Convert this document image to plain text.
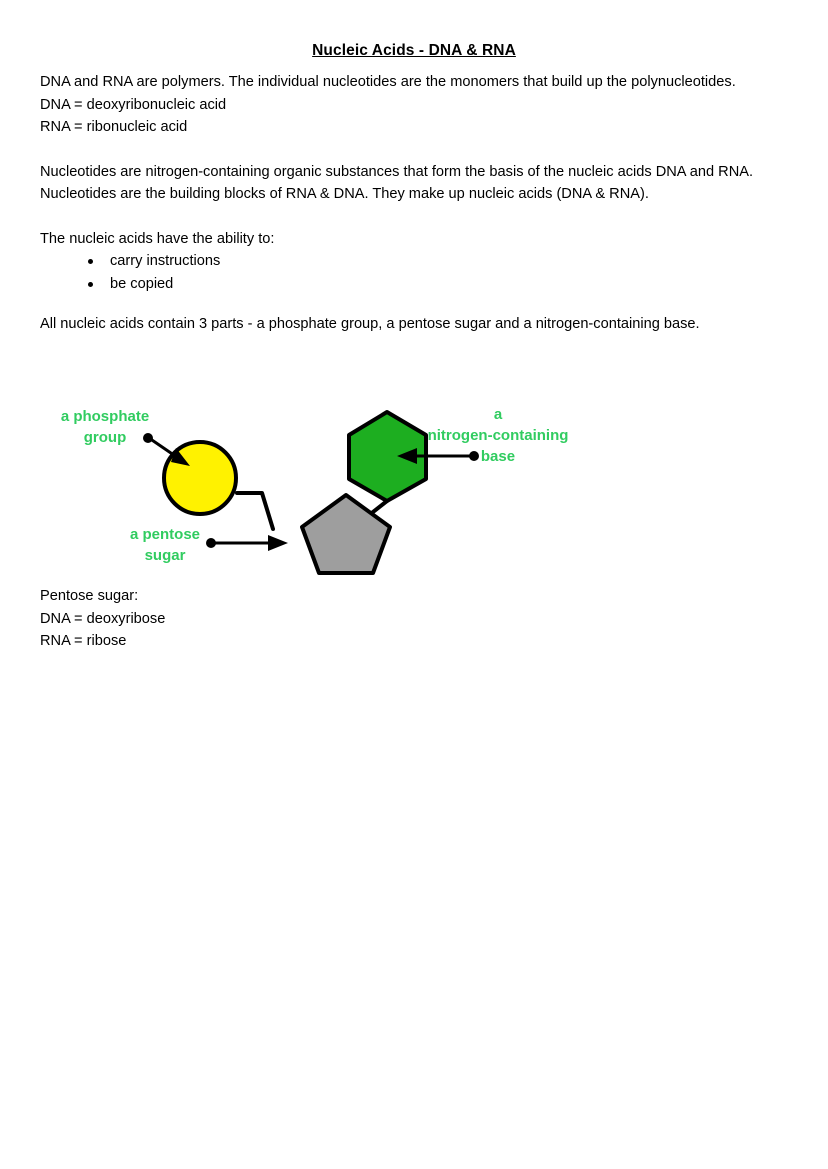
Nucleic Acids - DNA & RNA

DNA and RNA are polymers. The individual nucleotides are the monomers that build up the polynucleotides.

DNA = deoxyribonucleic acid
RNA = ribonucleic acid

Nucleotides are nitrogen-containing organic substances that form the basis of the nucleic acids DNA and RNA. Nucleotides are the building blocks of RNA & DNA. They make up nucleic acids (DNA & RNA).

The nucleic acids have the ability to:
carry instructions
be copied

All nucleic acids contain 3 parts - a phosphate group, a pentose sugar and a nitrogen-containing base.

a phosphate
group
a
nitrogen-containing
base
a pentose
sugar
Pentose sugar:
DNA = deoxyribose
RNA = ribose
